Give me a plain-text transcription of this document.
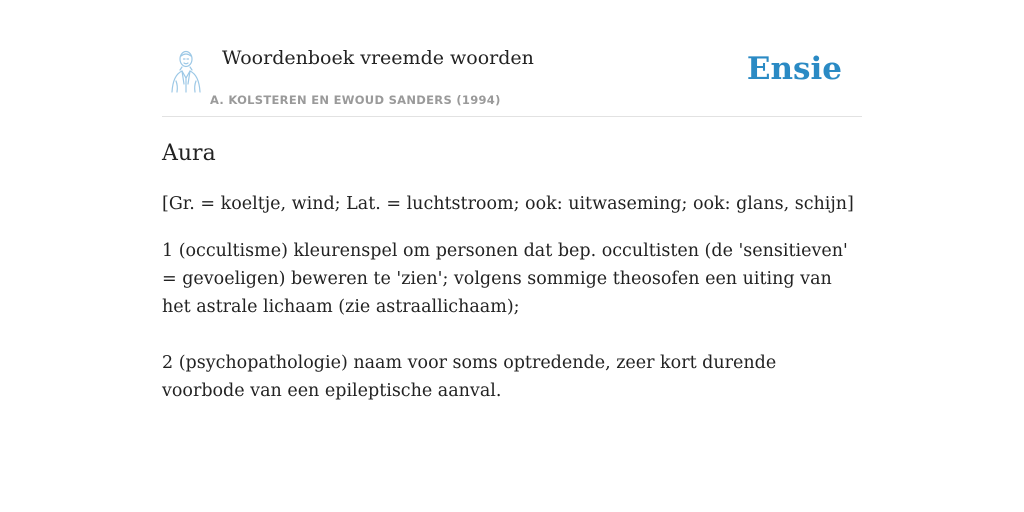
Woordenboek vreemde woorden
A. KOLSTEREN EN EWOUD SANDERS (1994)
Ensie
Aura

[Gr. = koeltje, wind; Lat. = luchtstroom; ook: uitwaseming; ook: glans, schijn]

1 (occultisme) kleurenspel om personen dat bep. occultisten (de 'sensitieven' = gevoeligen) beweren te 'zien'; volgens sommige theosofen een uiting van het astrale lichaam (zie astraallichaam);

2 (psychopathologie) naam voor soms optredende, zeer kort durende voorbode van een epileptische aanval.
